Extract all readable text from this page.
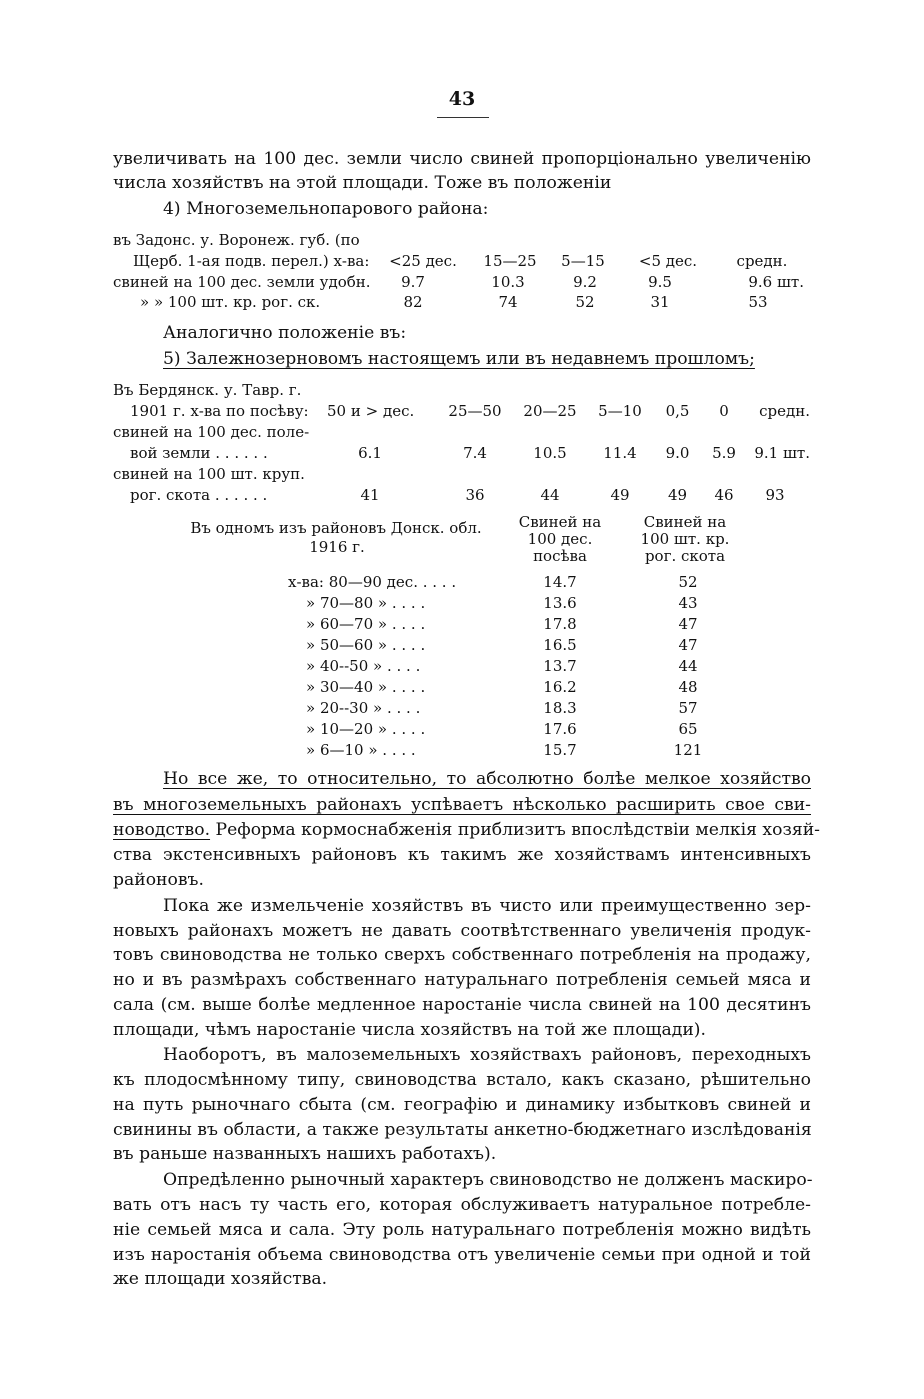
43
увеличивать на 100 дес. земли число свиней пропорціонально увеличенію
числа хозяйствъ на этой площади. Тоже въ положеніи
4) Многоземельнопарового района:
въ Задонс. у. Воронеж. губ. (по
Щерб. 1-ая подв. перел.) х-ва:	<25 дес.	15—25	5—15	<5 дес.	средн.
свиней на 100 дес. земли удобн.	9.7	10.3	9.2	9.5	9.6 шт.
» » 100 шт. кр. рог. ск.	82	74	52	31	53
Аналогично положеніе въ:
5) Залежнозерновомъ настоящемъ или въ недавнемъ прошломъ;
Въ Бердянск. у. Тавр. г.
1901 г. х-ва по посѣву: 50 и > дес.	25—50	20—25	5—10	0,5	0	средн.
свиней на 100 дес. поле-
вой земли . . . . . .	6.1	7.4	10.5	11.4	9.0	5.9	9.1 шт.
свиней на 100 шт. круп.
рог. скота . . . . . .	41	36	44	49	49	46	93
Въ одномъ изъ районовъ Донск. обл.
1916 г.
Свиней на
100 дес.
посѣва
Свиней на
100 шт. кр.
рог. скота
х-ва: 80—90 дес. . . . .	14.7	52
» 70—80 » . . . .	13.6	43
» 60—70 » . . . .	17.8	47
» 50—60 » . . . .	16.5	47
» 40--50 » . . . .	13.7	44
» 30—40 » . . . .	16.2	48
» 20--30 » . . . .	18.3	57
» 10—20 » . . . .	17.6	65
» 6—10 » . . . .	15.7	121
Но все же, то относительно, то абсолютно болѣе мелкое хозяйство
въ многоземельныхъ районахъ успѣваетъ нѣсколько расширить свое сви-
новодство. Реформа кормоснабженія приблизитъ впослѣдствіи мелкія хозяй-
ства экстенсивныхъ районовъ къ такимъ же хозяйствамъ интенсивныхъ
районовъ.
Пока же измельченіе хозяйствъ въ чисто или преимущественно зер-
новыхъ районахъ можетъ не давать соотвѣтственнаго увеличенія продук-
товъ свиноводства не только сверхъ собственнаго потребленія на продажу,
но и въ размѣрахъ собственнаго натуральнаго потребленія семьей мяса и
сала (см. выше болѣе медленное наростаніе числа свиней на 100 десятинъ
площади, чѣмъ наростаніе числа хозяйствъ на той же площади).
Наоборотъ, въ малоземельныхъ хозяйствахъ районовъ, переходныхъ
къ плодосмѣнному типу, свиноводства встало, какъ сказано, рѣшительно
на путь рыночнаго сбыта (см. географію и динамику избытковъ свиней и
свинины въ области, а также результаты анкетно-бюджетнаго изслѣдованія
въ раньше названныхъ нашихъ работахъ).
Опредѣленно рыночный характеръ свиноводство не долженъ маскиро-
вать отъ насъ ту часть его, которая обслуживаетъ натуральное потребле-
ніе семьей мяса и сала. Эту роль натуральнаго потребленія можно видѣть
изъ наростанія объема свиноводства отъ увеличеніе семьи при одной и той
же площади хозяйства.
